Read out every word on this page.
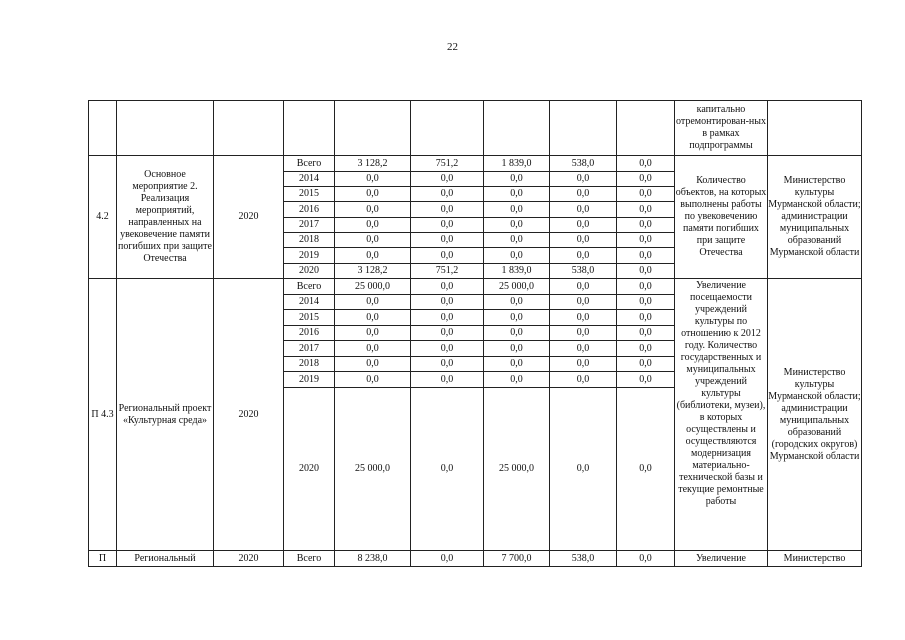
22
									капитально отремонтирован-ных в рамках подпрограммы	
4.2	Основное мероприятие 2. Реализация мероприятий, направленных на увековечение памяти погибших при защите Отечества	2020	Всего	3 128,2	751,2	1 839,0	538,0	0,0	Количество объектов, на которых выполнены работы по увековечению памяти погибших при защите Отечества	Министерство культуры Мурманской области; администрации муниципальных образований Мурманской области
			2014	0,0	0,0	0,0	0,0	0,0		
			2015	0,0	0,0	0,0	0,0	0,0		
			2016	0,0	0,0	0,0	0,0	0,0		
			2017	0,0	0,0	0,0	0,0	0,0		
			2018	0,0	0,0	0,0	0,0	0,0		
			2019	0,0	0,0	0,0	0,0	0,0		
			2020	3 128,2	751,2	1 839,0	538,0	0,0		
П 4.3	Региональный проект «Культурная среда»	2020	Всего	25 000,0	0,0	25 000,0	0,0	0,0	Увеличение посещаемости учреждений культуры по отношению к 2012 году. Количество государственных и муниципальных учреждений культуры (библиотеки, музеи), в которых осуществлены и осуществляются модернизация материально-технической базы и текущие ремонтные работы	Министерство культуры Мурманской области; администрации муниципальных образований (городских округов) Мурманской области
			2014	0,0	0,0	0,0	0,0	0,0		
			2015	0,0	0,0	0,0	0,0	0,0		
			2016	0,0	0,0	0,0	0,0	0,0		
			2017	0,0	0,0	0,0	0,0	0,0		
			2018	0,0	0,0	0,0	0,0	0,0		
			2019	0,0	0,0	0,0	0,0	0,0		
			2020	25 000,0	0,0	25 000,0	0,0	0,0		
П	Региональный	2020	Всего	8 238,0	0,0	7 700,0	538,0	0,0	Увеличение	Министерство
